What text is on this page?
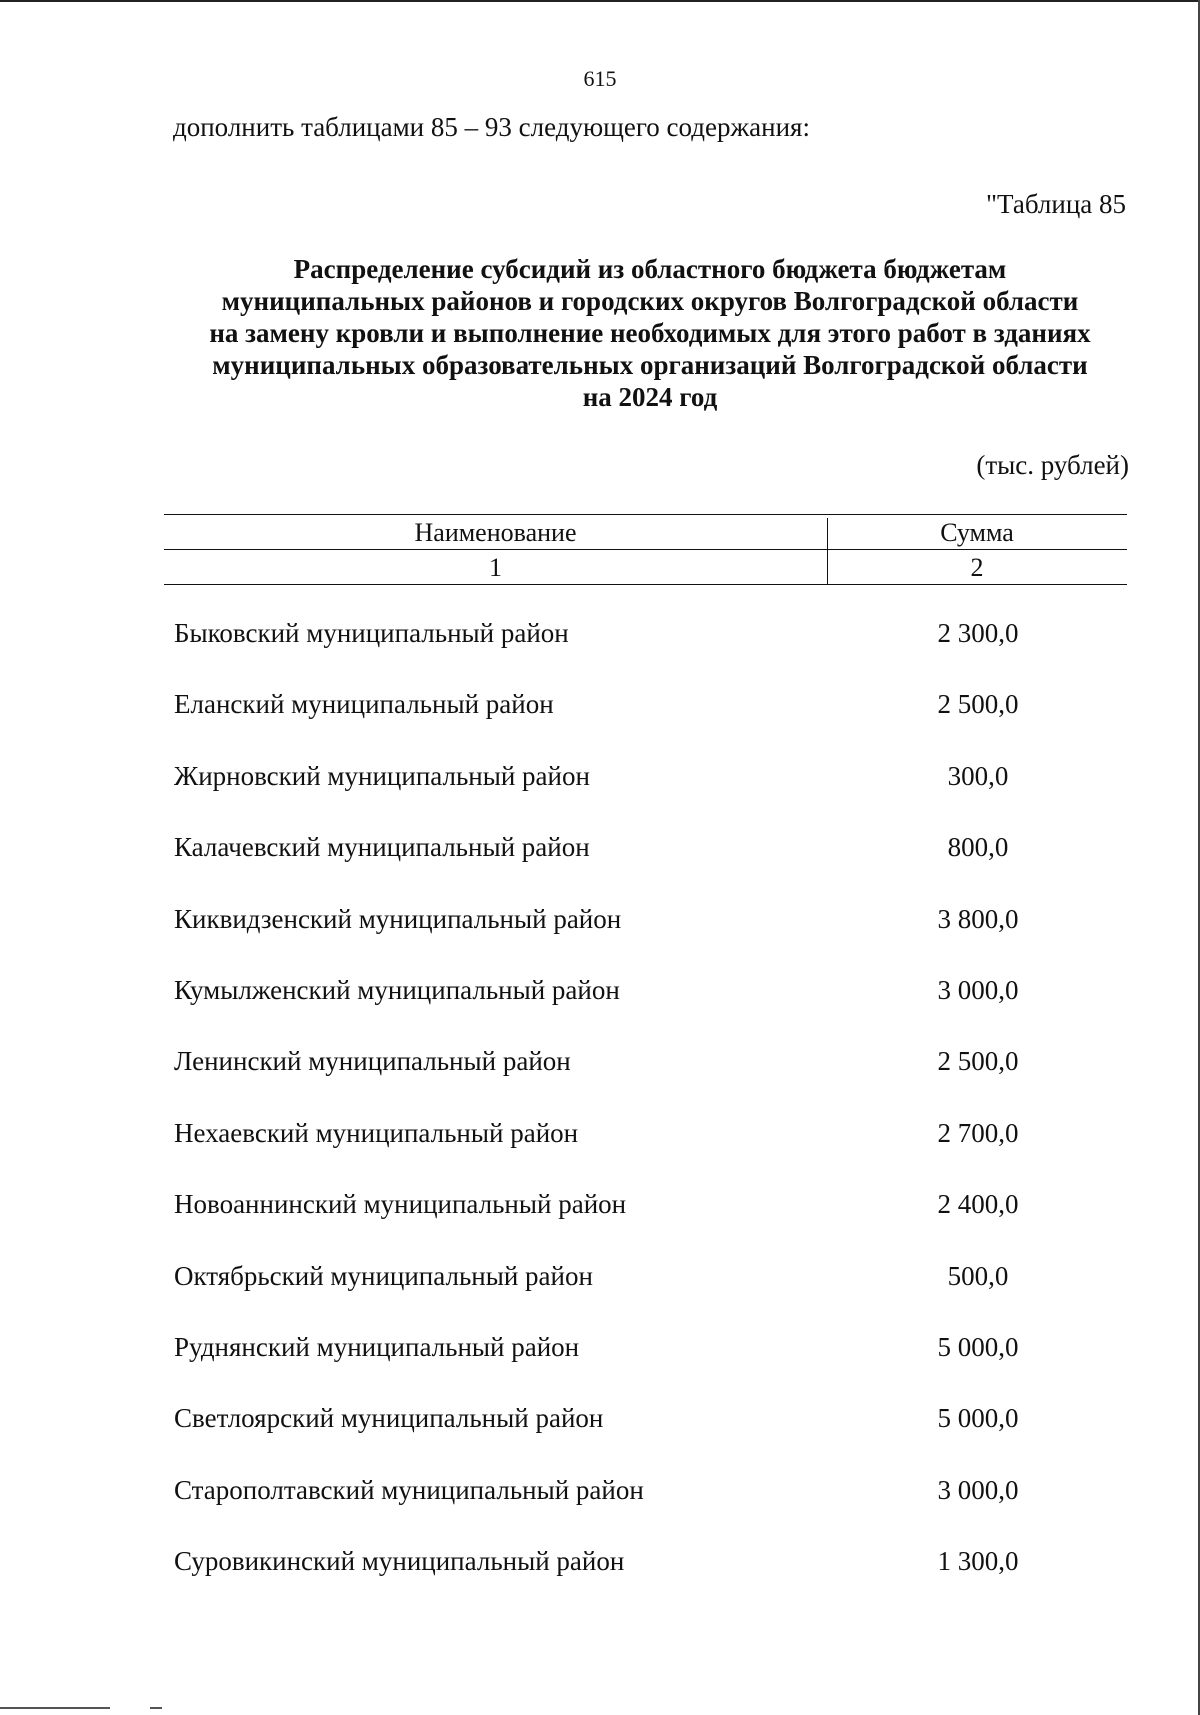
615
дополнить таблицами 85 – 93 следующего содержания:
"Таблица 85
Распределение субсидий из областного бюджета бюджетам
муниципальных районов и городских округов Волгоградской области
на замену кровли и выполнение необходимых для этого работ в зданиях
муниципальных образовательных организаций Волгоградской области
на 2024 год
(тыс. рублей)
Наименование	Сумма
1	2
Быковский муниципальный район	2 300,0
Еланский муниципальный район	2 500,0
Жирновский муниципальный район	300,0
Калачевский муниципальный район	800,0
Киквидзенский муниципальный район	3 800,0
Кумылженский муниципальный район	3 000,0
Ленинский муниципальный район	2 500,0
Нехаевский муниципальный район	2 700,0
Новоаннинский муниципальный район	2 400,0
Октябрьский муниципальный район	500,0
Руднянский муниципальный район	5 000,0
Светлоярский муниципальный район	5 000,0
Старополтавский муниципальный район	3 000,0
Суровикинский муниципальный район	1 300,0
